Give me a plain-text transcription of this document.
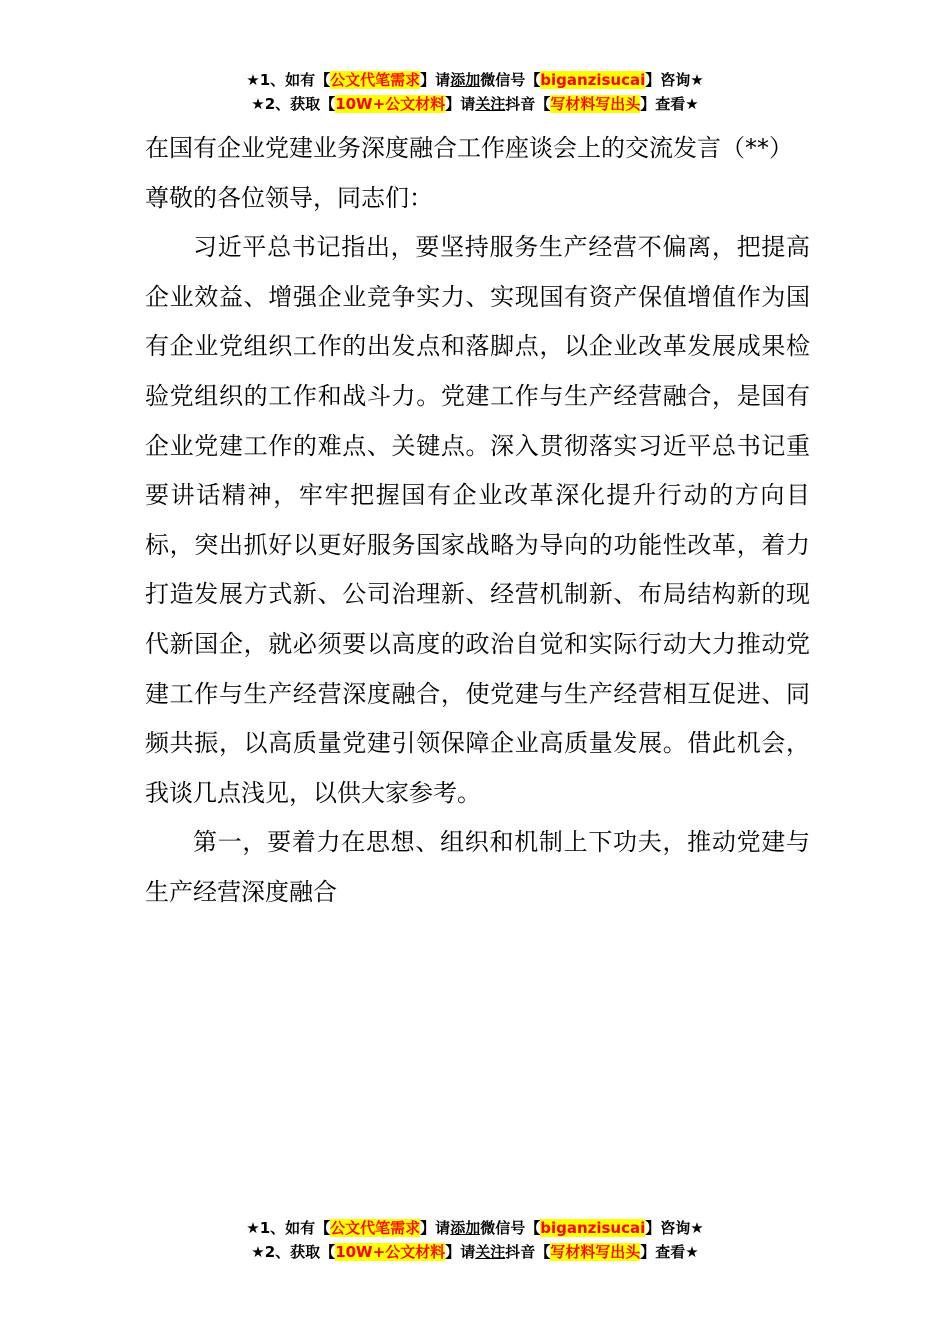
★1、如有【公文代笔需求】请添加微信号【biganzisucai】咨询★
★2、获取【10W+公文材料】请关注抖音【写材料写出头】查看★

在国有企业党建业务深度融合工作座谈会上的交流发言（**）

尊敬的各位领导，同志们：

习近平总书记指出，要坚持服务生产经营不偏离，把提高企业效益、增强企业竞争实力、实现国有资产保值增值作为国有企业党组织工作的出发点和落脚点，以企业改革发展成果检验党组织的工作和战斗力。党建工作与生产经营融合，是国有企业党建工作的难点、关键点。深入贯彻落实习近平总书记重要讲话精神，牢牢把握国有企业改革深化提升行动的方向目标，突出抓好以更好服务国家战略为导向的功能性改革，着力打造发展方式新、公司治理新、经营机制新、布局结构新的现代新国企，就必须要以高度的政治自觉和实际行动大力推动党建工作与生产经营深度融合，使党建与生产经营相互促进、同频共振，以高质量党建引领保障企业高质量发展。借此机会，我谈几点浅见，以供大家参考。

第一，要着力在思想、组织和机制上下功夫，推动党建与生产经营深度融合

★1、如有【公文代笔需求】请添加微信号【biganzisucai】咨询★
★2、获取【10W+公文材料】请关注抖音【写材料写出头】查看★
